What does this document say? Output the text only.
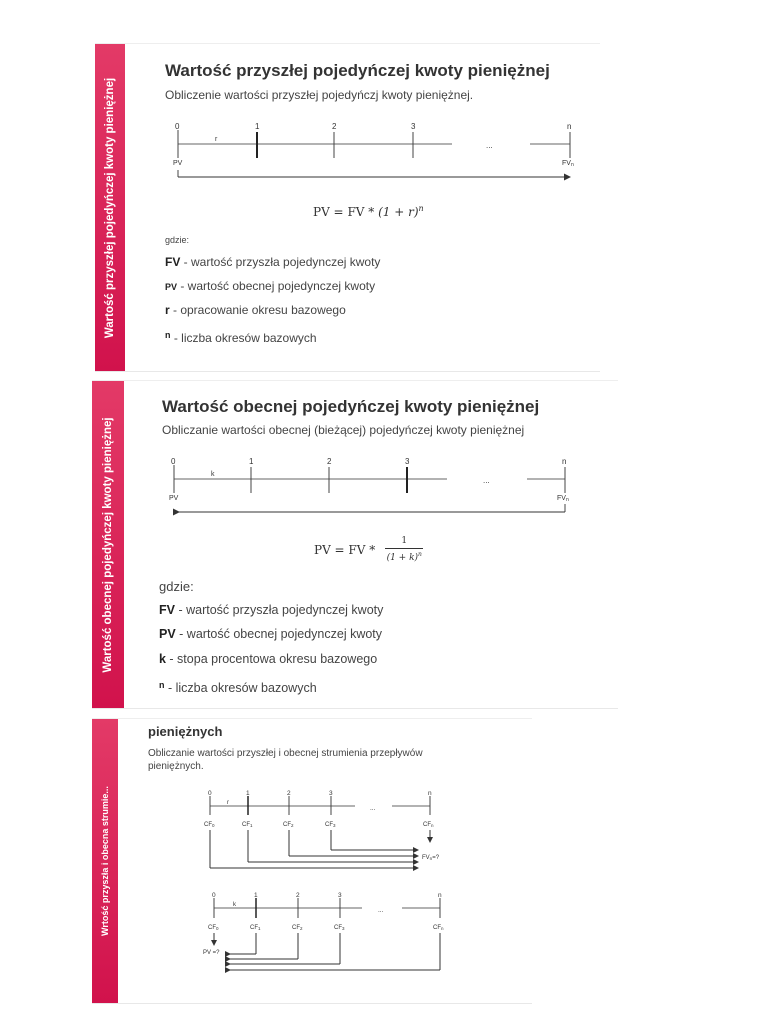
Wartość przyszłej pojedyńczej kwoty pieniężnej
Wartość przyszłej pojedyńczej kwoty pieniężnej

Obliczenie wartości przyszłej pojedyńczj kwoty pieniężnej.

0	1	2	3	n
r
...
PV	FVn
PV = FV * $(1 + r)^n$
gdzie:
FV - wartość przyszła pojedynczej kwoty
PV - wartość obecnej pojedynczej kwoty
r - opracowanie okresu bazowego
$^n$ - liczba okresów bazowych
Wartość obecnej pojedyńczej kwoty pieniężnej
Wartość obecnej pojedyńczej kwoty pieniężnej

Obliczanie wartości obecnej (bieżącej) pojedyńczej kwoty pieniężnej

0	1	2	3	n
k
...
PV	FVn
PV = FV *
1
$(1 + k)^n$
gdzie:
FV - wartość przyszła pojedynczej kwoty
PV - wartość obecnej pojedynczej kwoty
k - stopa procentowa okresu bazowego
$^n$ - liczba okresów bazowych
Wrtość przyszła i obecna strumie...
pieniężnych

Obliczanie wartości przyszłej i obecnej strumienia przepływów
pieniężnych.

0	1	2	3	n
r
...
CF0	CF1	CF2	CF3	CFn
FVn=?
0	1	2	3	n
k
...
CF0	CF1	CF2	CF3	CFn
PV =?
